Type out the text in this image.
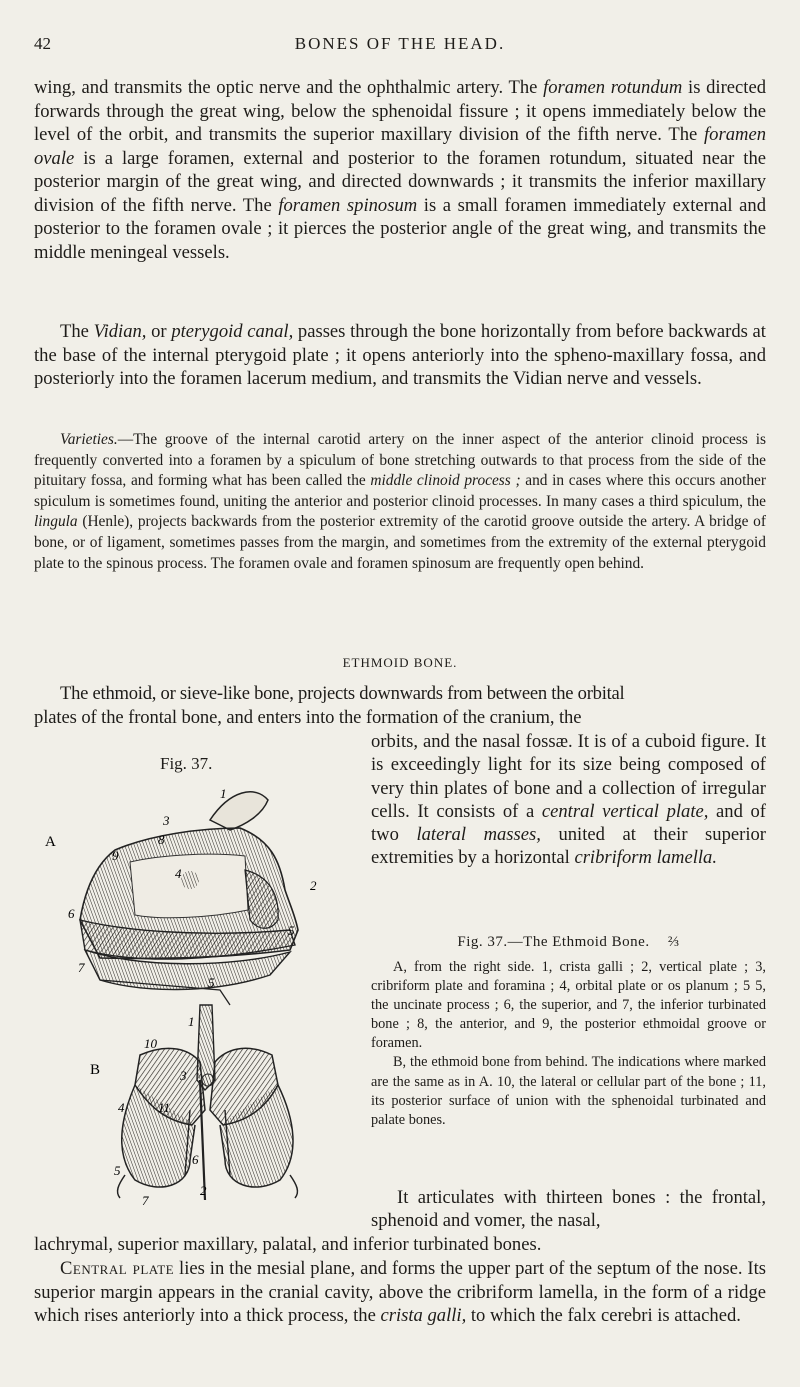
42	BONES OF THE HEAD.

wing, and transmits the optic nerve and the ophthalmic artery. The foramen rotundum is directed forwards through the great wing, below the sphenoidal fissure ; it opens immediately below the level of the orbit, and transmits the superior maxillary division of the fifth nerve. The foramen ovale is a large foramen, external and posterior to the foramen rotundum, situated near the posterior margin of the great wing, and directed downwards ; it transmits the inferior maxillary division of the fifth nerve. The foramen spinosum is a small foramen immediately external and posterior to the foramen ovale ; it pierces the posterior angle of the great wing, and transmits the middle meningeal vessels.

The Vidian, or pterygoid canal, passes through the bone horizontally from before backwards at the base of the internal pterygoid plate ; it opens anteriorly into the spheno-maxillary fossa, and posteriorly into the foramen lacerum medium, and transmits the Vidian nerve and vessels.

Varieties.—The groove of the internal carotid artery on the inner aspect of the anterior clinoid process is frequently converted into a foramen by a spiculum of bone stretching outwards to that process from the side of the pituitary fossa, and forming what has been called the middle clinoid process ; and in cases where this occurs another spiculum is sometimes found, uniting the anterior and posterior clinoid processes. In many cases a third spiculum, the lingula (Henle), projects backwards from the posterior extremity of the carotid groove outside the artery. A bridge of bone, or of ligament, sometimes passes from the margin, and sometimes from the extremity of the external pterygoid plate to the spinous process. The foramen ovale and foramen spinosum are frequently open behind.
ETHMOID BONE.

The ethmoid, or sieve-like bone, projects downwards from between the orbital

plates of the frontal bone, and enters into the formation of the cranium, the

orbits, and the nasal fossæ. It is of a cuboid figure. It is exceedingly light for its size being composed of very thin plates of bone and a collection of irregular cells. It consists of a central vertical plate, and of two lateral masses, united at their superior extremities by a horizontal cribriform lamella.
Fig. 37.
A
1
3
8
9
4
2
6
5
7
5
B
1
10
3
4	11
6
5
7
2
Fig. 37.—The Ethmoid Bone. ⅔

A, from the right side. 1, crista galli ; 2, vertical plate ; 3, cribriform plate and foramina ; 4, orbital plate or os planum ; 5 5, the uncinate process ; 6, the superior, and 7, the inferior turbinated bone ; 8, the anterior, and 9, the posterior ethmoidal groove or foramen.

B, the ethmoid bone from behind. The indications where marked are the same as in A. 10, the lateral or cellular part of the bone ; 11, its posterior surface of union with the sphenoidal turbinated and palate bones.

It articulates with thirteen bones : the frontal, sphenoid and vomer, the nasal,

lachrymal, superior maxillary, palatal, and inferior turbinated bones.

Central plate lies in the mesial plane, and forms the upper part of the septum of the nose. Its superior margin appears in the cranial cavity, above the cribriform lamella, in the form of a ridge which rises anteriorly into a thick process, the crista galli, to which the falx cerebri is attached.
